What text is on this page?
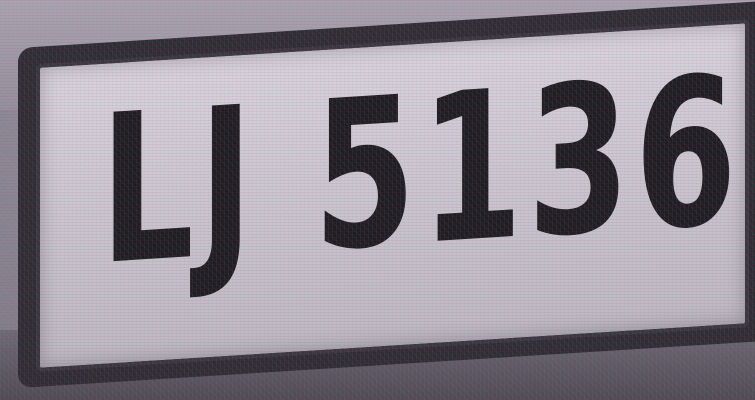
LJ 5136
